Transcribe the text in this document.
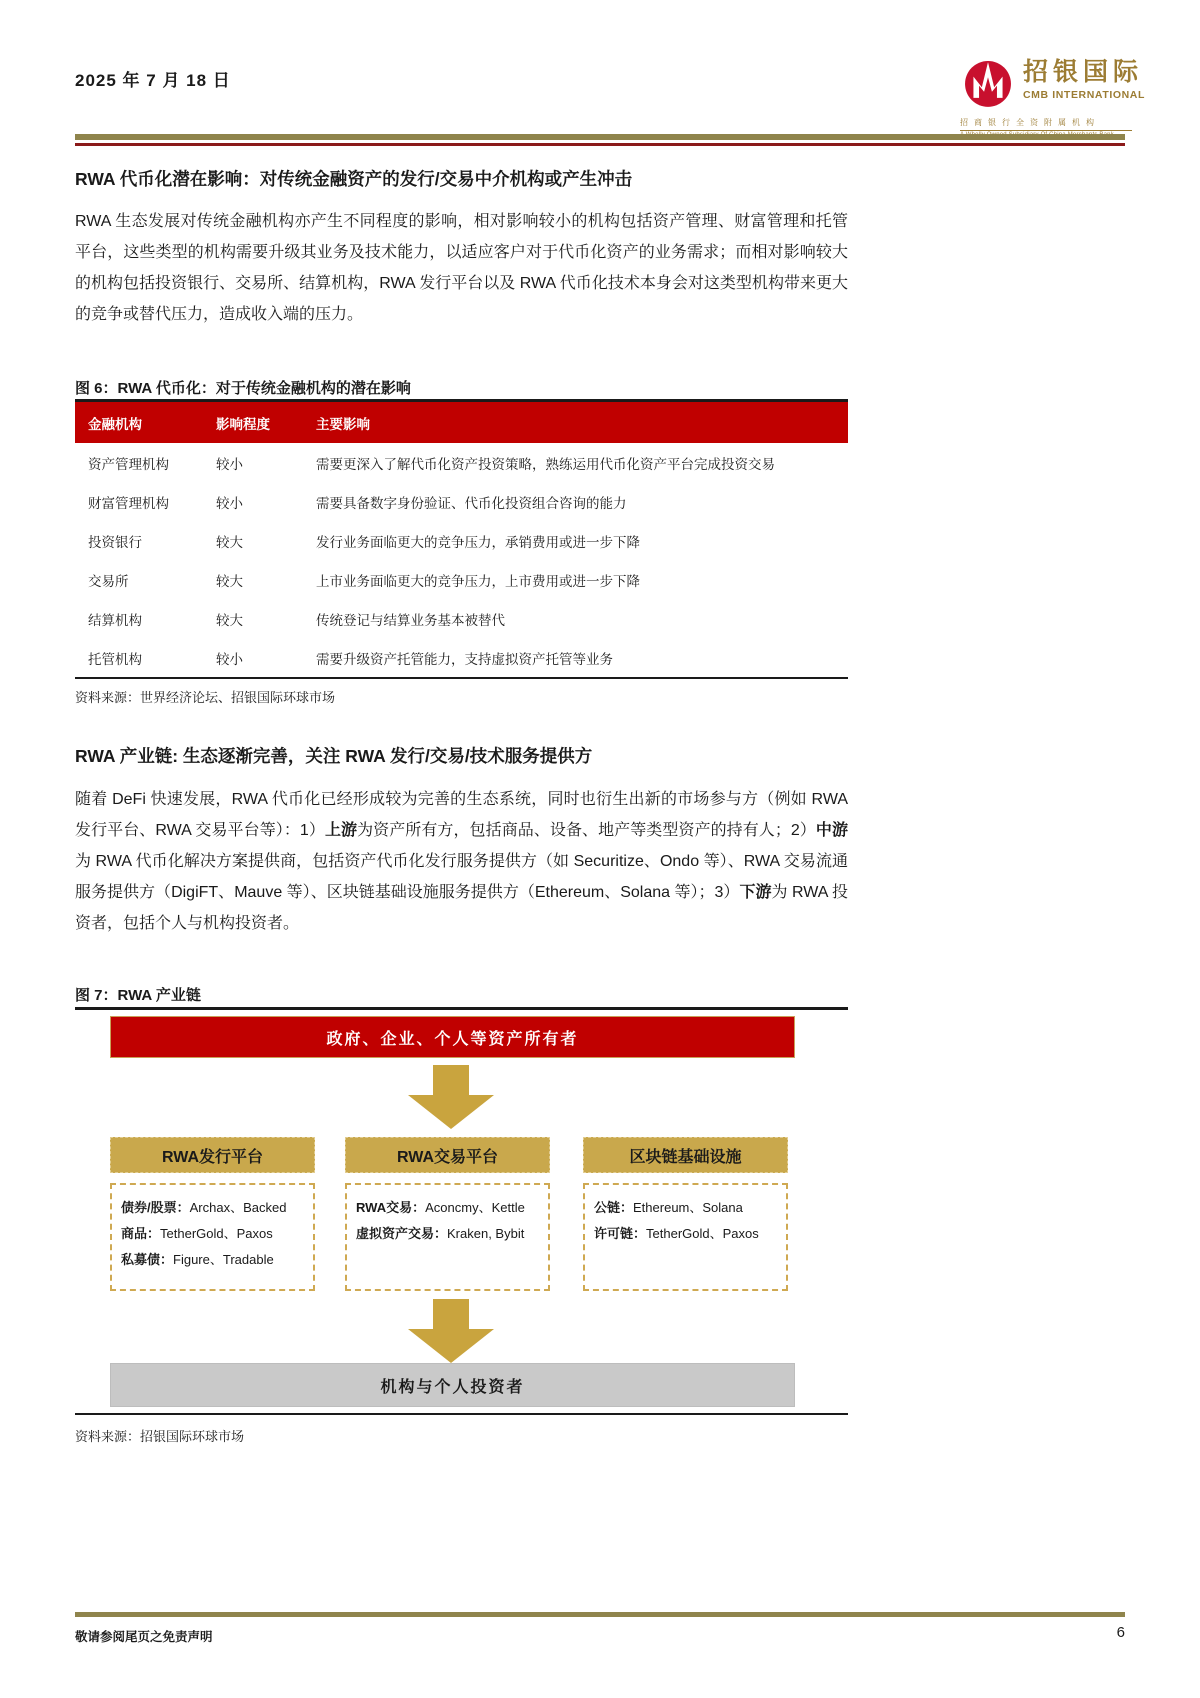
2025 年 7 月 18 日	招银国际
CMB INTERNATIONAL
招商银行全资附属机构
RWA 代币化潜在影响：对传统金融资产的发行/交易中介机构或产生冲击
RWA 生态发展对传统金融机构亦产生不同程度的影响，相对影响较小的机构包括资产管理、财富管理和托管平台，这些类型的机构需要升级其业务及技术能力，以适应客户对于代币化资产的业务需求；而相对影响较大的机构包括投资银行、交易所、结算机构，RWA 发行平台以及 RWA 代币化技术本身会对这类型机构带来更大的竞争或替代压力，造成收入端的压力。
图 6：RWA 代币化：对于传统金融机构的潜在影响
金融机构	影响程度	主要影响
资产管理机构	较小	需要更深入了解代币化资产投资策略，熟练运用代币化资产平台完成投资交易
财富管理机构	较小	需要具备数字身份验证、代币化投资组合咨询的能力
投资银行	较大	发行业务面临更大的竞争压力，承销费用或进一步下降
交易所	较大	上市业务面临更大的竞争压力，上市费用或进一步下降
结算机构	较大	传统登记与结算业务基本被替代
托管机构	较小	需要升级资产托管能力，支持虚拟资产托管等业务
资料来源：世界经济论坛、招银国际环球市场
RWA 产业链: 生态逐渐完善，关注 RWA 发行/交易/技术服务提供方
随着 DeFi 快速发展，RWA 代币化已经形成较为完善的生态系统，同时也衍生出新的市场参与方（例如 RWA 发行平台、RWA 交易平台等）：1）上游为资产所有方，包括商品、设备、地产等类型资产的持有人；2）中游为 RWA 代币化解决方案提供商，包括资产代币化发行服务提供方（如 Securitize、Ondo 等）、RWA 交易流通服务提供方（DigiFT、Mauve 等）、区块链基础设施服务提供方（Ethereum、Solana 等）；3）下游为 RWA 投资者，包括个人与机构投资者。
图 7：RWA 产业链
政府、企业、个人等资产所有者
RWA发行平台	RWA交易平台	区块链基础设施
债券/股票：Archax、Backed
商品：TetherGold、Paxos
私募债：Figure、Tradable
RWA交易：Aconcmy、Kettle
虚拟资产交易：Kraken, Bybit
公链：Ethereum、Solana
许可链：TetherGold、Paxos
机构与个人投资者
资料来源：招银国际环球市场
敬请参阅尾页之免责声明	6
